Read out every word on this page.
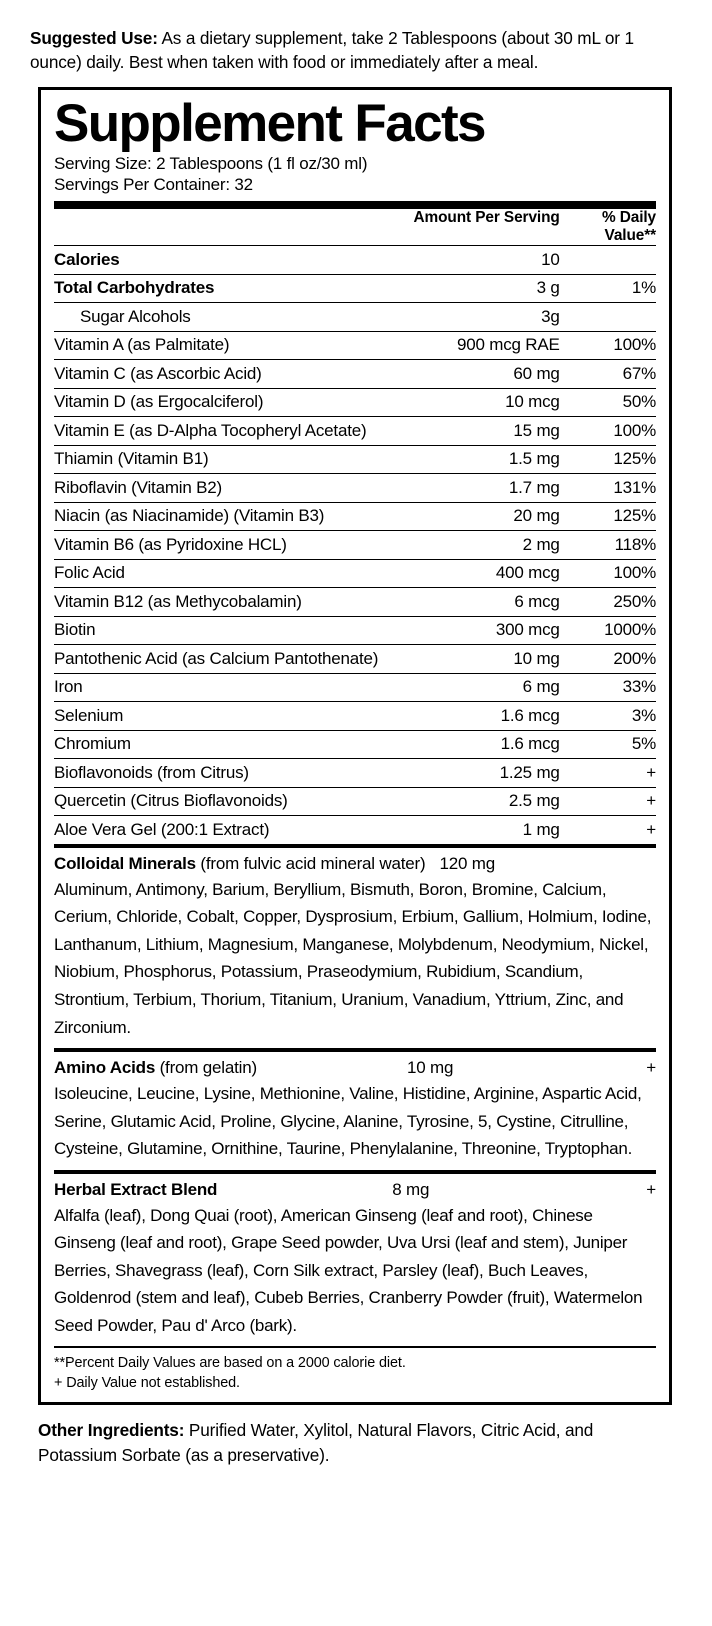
Suggested Use: As a dietary supplement, take 2 Tablespoons (about 30 mL or 1 ounce) daily. Best when taken with food or immediately after a meal.

Supplement Facts
Serving Size: 2 Tablespoons (1 fl oz/30 ml)
Servings Per Container: 32
	Amount Per Serving	% Daily Value**
Calories	10	
Total Carbohydrates	3 g	1%
Sugar Alcohols	3g	
Vitamin A (as Palmitate)	900 mcg RAE	100%
Vitamin C (as Ascorbic Acid)	60 mg	67%
Vitamin D (as Ergocalciferol)	10 mcg	50%
Vitamin E (as D-Alpha Tocopheryl Acetate)	15 mg	100%
Thiamin (Vitamin B1)	1.5 mg	125%
Riboflavin (Vitamin B2)	1.7 mg	131%
Niacin (as Niacinamide) (Vitamin B3)	20 mg	125%
Vitamin B6 (as Pyridoxine HCL)	2 mg	118%
Folic Acid	400 mcg	100%
Vitamin B12 (as Methycobalamin)	6 mcg	250%
Biotin	300 mcg	1000%
Pantothenic Acid (as Calcium Pantothenate)	10 mg	200%
Iron	6 mg	33%
Selenium	1.6 mcg	3%
Chromium	1.6 mcg	5%
Bioflavonoids (from Citrus)	1.25 mg	+
Quercetin (Citrus Bioflavonoids)	2.5 mg	+
Aloe Vera Gel (200:1 Extract)	1 mg	+
Colloidal Minerals (from fulvic acid mineral water) 120 mg
Aluminum, Antimony, Barium, Beryllium, Bismuth, Boron, Bromine, Calcium, Cerium, Chloride, Cobalt, Copper, Dysprosium, Erbium, Gallium, Holmium, Iodine, Lanthanum, Lithium, Magnesium, Manganese, Molybdenum, Neodymium, Nickel, Niobium, Phosphorus, Potassium, Praseodymium, Rubidium, Scandium, Strontium, Terbium, Thorium, Titanium, Uranium, Vanadium, Yttrium, Zinc, and Zirconium.
Amino Acids (from gelatin)	10 mg	+
Isoleucine, Leucine, Lysine, Methionine, Valine, Histidine, Arginine, Aspartic Acid, Serine, Glutamic Acid, Proline, Glycine, Alanine, Tyrosine, 5, Cystine, Citrulline, Cysteine, Glutamine, Ornithine, Taurine, Phenylalanine, Threonine, Tryptophan.
Herbal Extract Blend	8 mg	+
Alfalfa (leaf), Dong Quai (root), American Ginseng (leaf and root), Chinese Ginseng (leaf and root), Grape Seed powder, Uva Ursi (leaf and stem), Juniper Berries, Shavegrass (leaf), Corn Silk extract, Parsley (leaf), Buch Leaves, Goldenrod (stem and leaf), Cubeb Berries, Cranberry Powder (fruit), Watermelon Seed Powder, Pau d' Arco (bark).
**Percent Daily Values are based on a 2000 calorie diet.
+ Daily Value not established.

Other Ingredients: Purified Water, Xylitol, Natural Flavors, Citric Acid, and Potassium Sorbate (as a preservative).
